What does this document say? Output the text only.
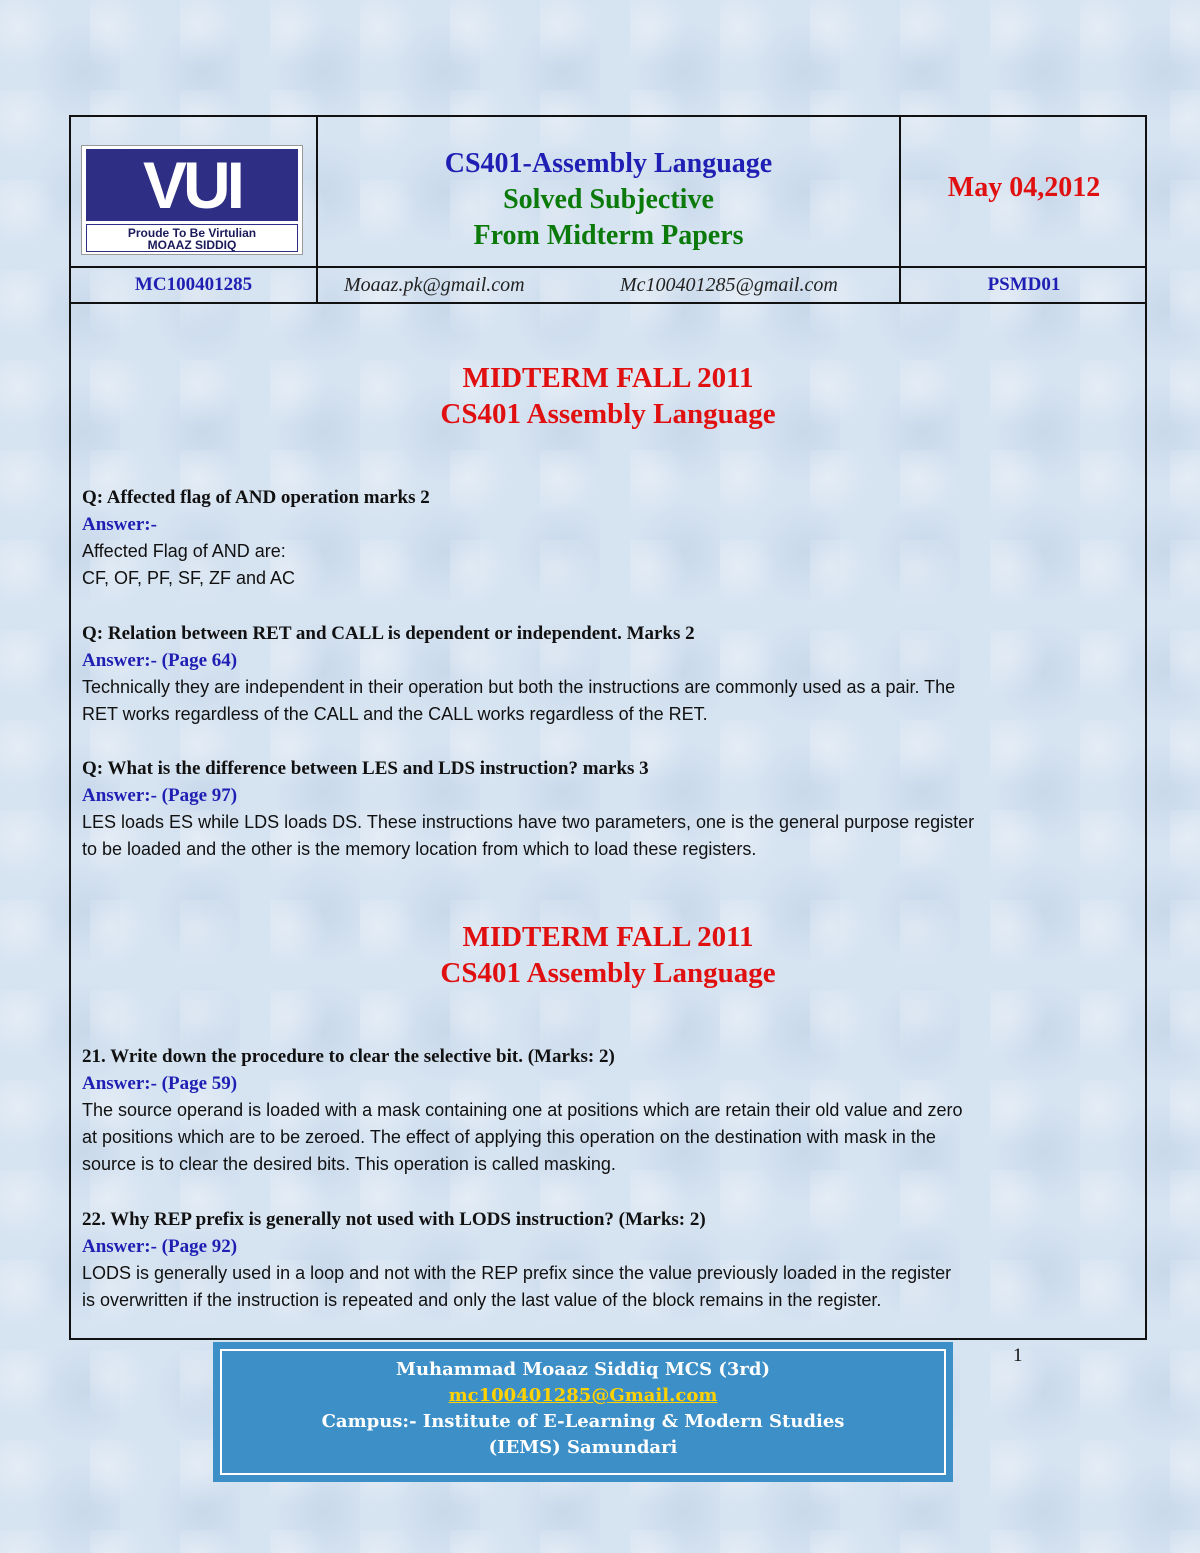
VUI
Proude To Be Virtulian
MOAAZ SIDDIQ
CS401-Assembly Language
Solved Subjective
From Midterm Papers
May 04,2012
MC100401285	Moaaz.pk@gmail.com	Mc100401285@gmail.com	PSMD01
MIDTERM FALL 2011
CS401 Assembly Language
Q: Affected flag of AND operation marks 2
Answer:-
Affected Flag of AND are:
CF, OF, PF, SF, ZF and AC
Q: Relation between RET and CALL is dependent or independent. Marks 2
Answer:- (Page 64)
Technically they are independent in their operation but both the instructions are commonly used as a pair. The
RET works regardless of the CALL and the CALL works regardless of the RET.
Q: What is the difference between LES and LDS instruction? marks 3
Answer:- (Page 97)
LES loads ES while LDS loads DS. These instructions have two parameters, one is the general purpose register
to be loaded and the other is the memory location from which to load these registers.
MIDTERM FALL 2011
CS401 Assembly Language
21. Write down the procedure to clear the selective bit. (Marks: 2)
Answer:- (Page 59)
The source operand is loaded with a mask containing one at positions which are retain their old value and zero
at positions which are to be zeroed. The effect of applying this operation on the destination with mask in the
source is to clear the desired bits. This operation is called masking.
22. Why REP prefix is generally not used with LODS instruction? (Marks: 2)
Answer:- (Page 92)
LODS is generally used in a loop and not with the REP prefix since the value previously loaded in the register
is overwritten if the instruction is repeated and only the last value of the block remains in the register.
Muhammad Moaaz Siddiq MCS (3rd)
mc100401285@Gmail.com
Campus:- Institute of E-Learning & Modern Studies
(IEMS) Samundari
1
